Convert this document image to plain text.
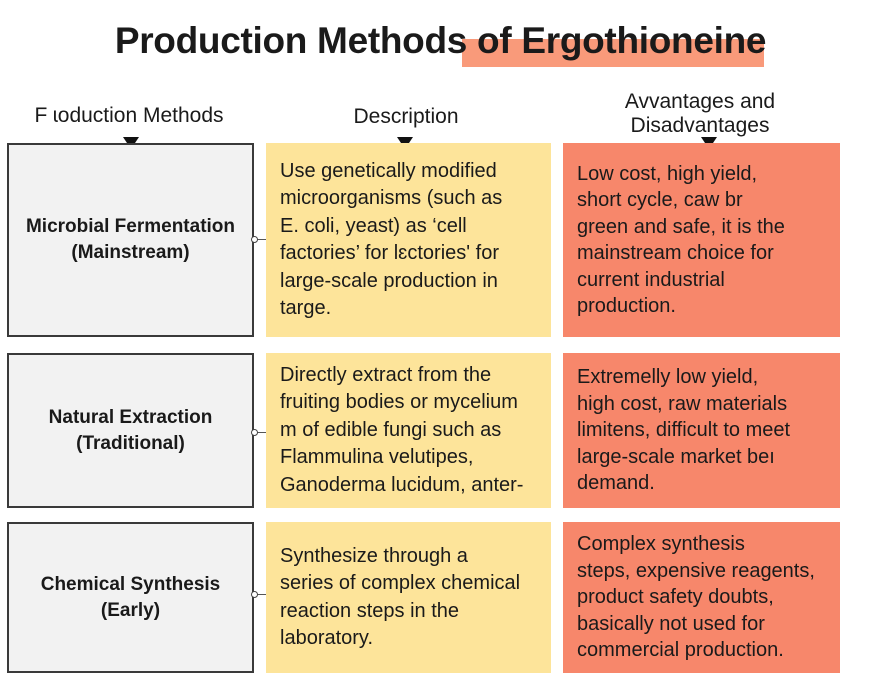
Production Methods of Ergothioneine
F ɩoduction Methods	Description
Avvantages and
Disadvantages
Microbial Fermentation
(Mainstream)
Use genetically modified
microorganisms (such as
E. coli, yeast) as ‘cell
factories’ for lɛctories' for
large-scale production in
targe.
Low cost, high yield,
short cycle, caw br
green and safe, it is the
mainstream choice for
current industrial
production.
Natural Extraction
(Traditional)
Directly extract from the
fruiting bodies or mycelium
m of edible fungi such as
Flammulina velutipes,
Ganoderma lucidum, anter-
Extremelly low yield,
high cost, raw materials
limitens, difficult to meet
large-scale market beı
demand.
Chemical Synthesis
(Early)
Synthesize through a
series of complex chemical
reaction steps in the
laboratory.
Complex synthesis
steps, expensive reagents,
product safety doubts,
basically not used for
commercial production.
